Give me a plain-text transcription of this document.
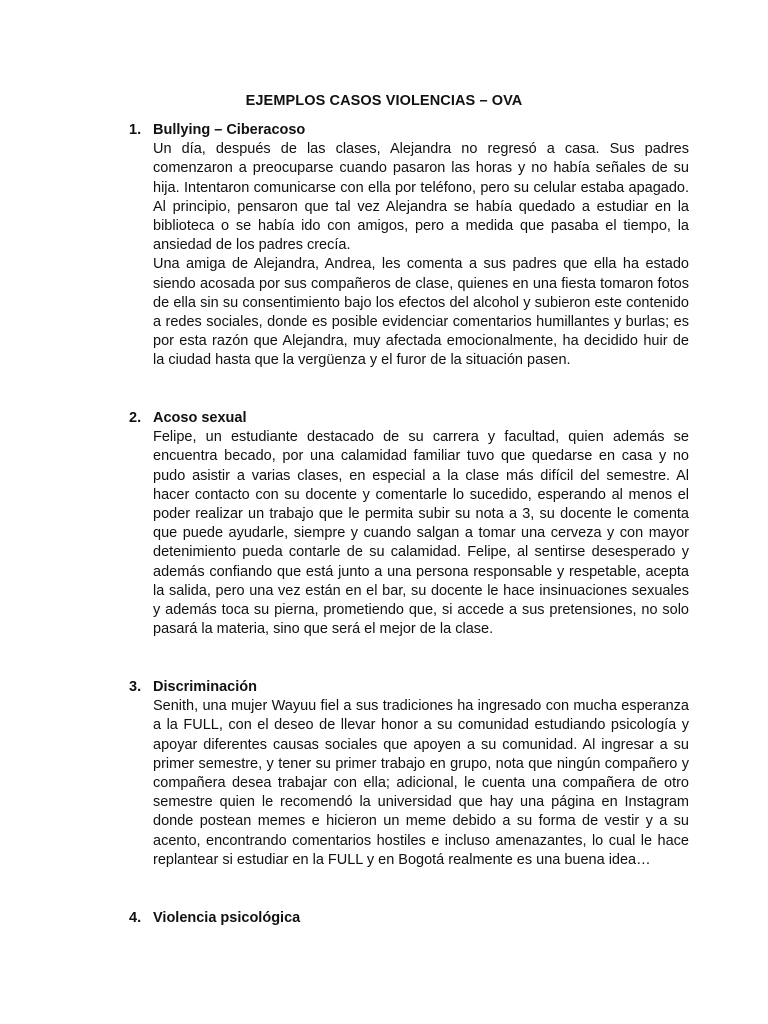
EJEMPLOS CASOS VIOLENCIAS – OVA
1. Bullying – Ciberacoso

Un día, después de las clases, Alejandra no regresó a casa. Sus padres comenzaron a preocuparse cuando pasaron las horas y no había señales de su hija. Intentaron comunicarse con ella por teléfono, pero su celular estaba apagado. Al principio, pensaron que tal vez Alejandra se había quedado a estudiar en la biblioteca o se había ido con amigos, pero a medida que pasaba el tiempo, la ansiedad de los padres crecía.

Una amiga de Alejandra, Andrea, les comenta a sus padres que ella ha estado siendo acosada por sus compañeros de clase, quienes en una fiesta tomaron fotos de ella sin su consentimiento bajo los efectos del alcohol y subieron este contenido a redes sociales, donde es posible evidenciar comentarios humillantes y burlas; es por esta razón que Alejandra, muy afectada emocionalmente, ha decidido huir de la ciudad hasta que la vergüenza y el furor de la situación pasen.

2. Acoso sexual

Felipe, un estudiante destacado de su carrera y facultad, quien además se encuentra becado, por una calamidad familiar tuvo que quedarse en casa y no pudo asistir a varias clases, en especial a la clase más difícil del semestre. Al hacer contacto con su docente y comentarle lo sucedido, esperando al menos el poder realizar un trabajo que le permita subir su nota a 3, su docente le comenta que puede ayudarle, siempre y cuando salgan a tomar una cerveza y con mayor detenimiento pueda contarle de su calamidad. Felipe, al sentirse desesperado y además confiando que está junto a una persona responsable y respetable, acepta la salida, pero una vez están en el bar, su docente le hace insinuaciones sexuales y además toca su pierna, prometiendo que, si accede a sus pretensiones, no solo pasará la materia, sino que será el mejor de la clase.

3. Discriminación

Senith, una mujer Wayuu fiel a sus tradiciones ha ingresado con mucha esperanza a la FULL, con el deseo de llevar honor a su comunidad estudiando psicología y apoyar diferentes causas sociales que apoyen a su comunidad. Al ingresar a su primer semestre, y tener su primer trabajo en grupo, nota que ningún compañero y compañera desea trabajar con ella; adicional, le cuenta una compañera de otro semestre quien le recomendó la universidad que hay una página en Instagram donde postean memes e hicieron un meme debido a su forma de vestir y a su acento, encontrando comentarios hostiles e incluso amenazantes, lo cual le hace replantear si estudiar en la FULL y en Bogotá realmente es una buena idea…

4. Violencia psicológica
